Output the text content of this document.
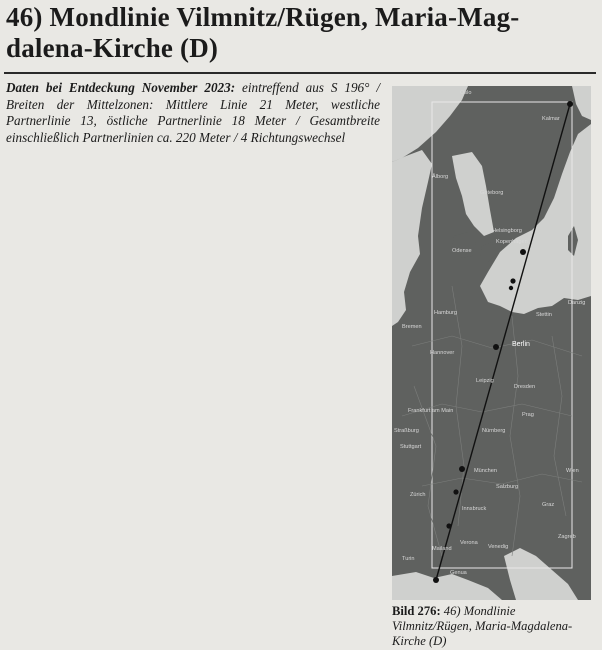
46) Mondlinie Vilmnitz/Rügen, Maria-Mag-
dalena-Kirche (D)
Daten bei Entdeckung November 2023: eintreffend aus S 196° / Breiten der Mittelzonen: Mittlere Linie 21 Meter, westliche Partnerlinie 13, östliche Partnerlinie 18 Meter / Gesamtbreite einschließlich Partnerlinien ca. 220 Meter / 4 Richtungswechsel
Oslo
Kalmar
Göteborg
Ålborg
Helsingborg
Kopenhagen
Odense
Hamburg
Bremen
Stettin
Danzig
Berlin
Hannover
Leipzig
Dresden
Frankfurt am Main
Nürnberg
Prag
Stuttgart
Straßburg
München
Salzburg
Wien
Zürich
Innsbruck
Graz
Mailand
Verona
Venedig
Turin
Zagreb
Genua
Bild 276: 46) Mondlinie Vilmnitz/Rügen, Maria-Magdalena-Kirche (D)
